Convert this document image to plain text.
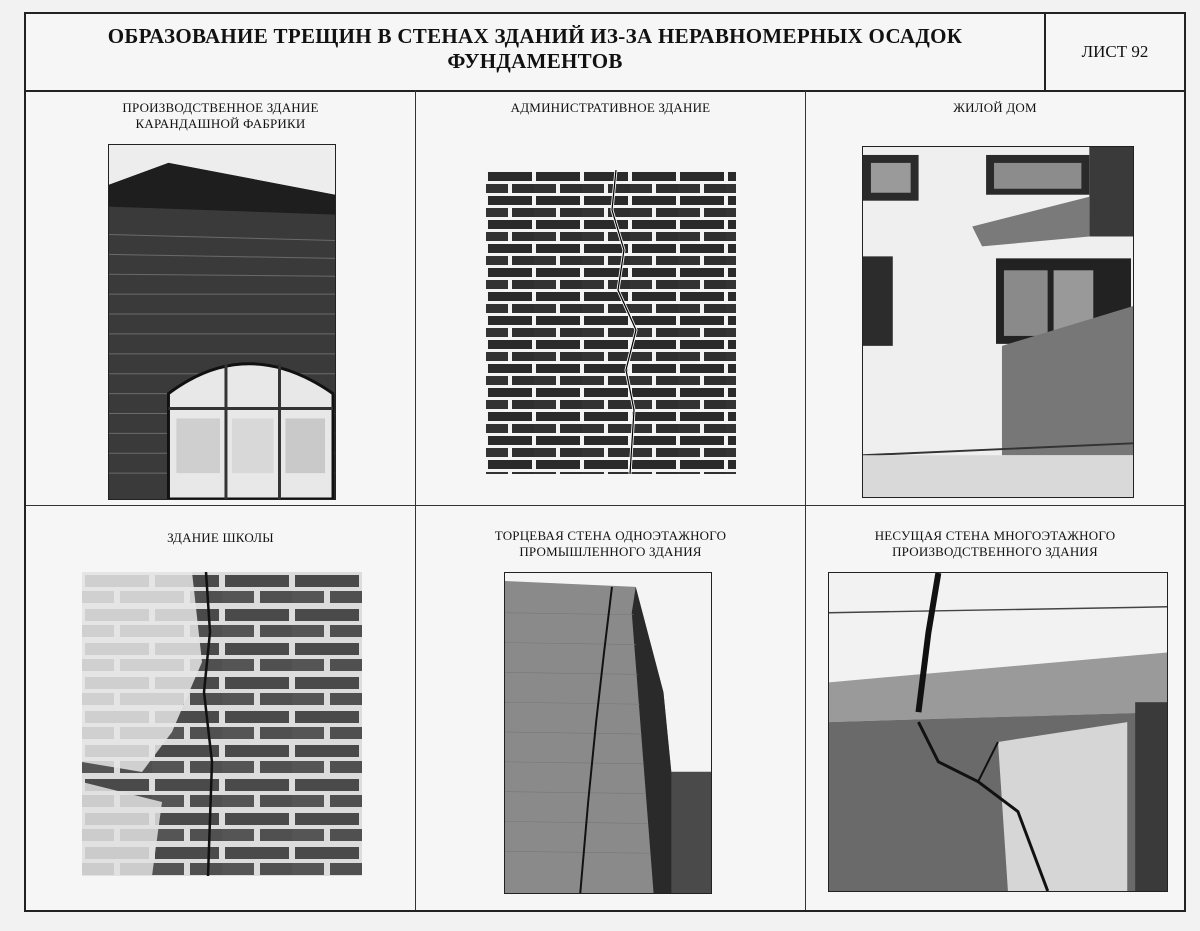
ОБРАЗОВАНИЕ ТРЕЩИН В СТЕНАХ ЗДАНИЙ ИЗ-ЗА НЕРАВНОМЕРНЫХ ОСАДОК
ФУНДАМЕНТОВ	ЛИСТ 92
ПРОИЗВОДСТВЕННОЕ ЗДАНИЕ
КАРАНДАШНОЙ ФАБРИКИ
АДМИНИСТРАТИВНОЕ ЗДАНИЕ	ЖИЛОЙ ДОМ
ЗДАНИЕ ШКОЛЫ	ТОРЦЕВАЯ СТЕНА ОДНОЭТАЖНОГО
ПРОМЫШЛЕННОГО ЗДАНИЯ
НЕСУЩАЯ СТЕНА МНОГОЭТАЖНОГО
ПРОИЗВОДСТВЕННОГО ЗДАНИЯ
